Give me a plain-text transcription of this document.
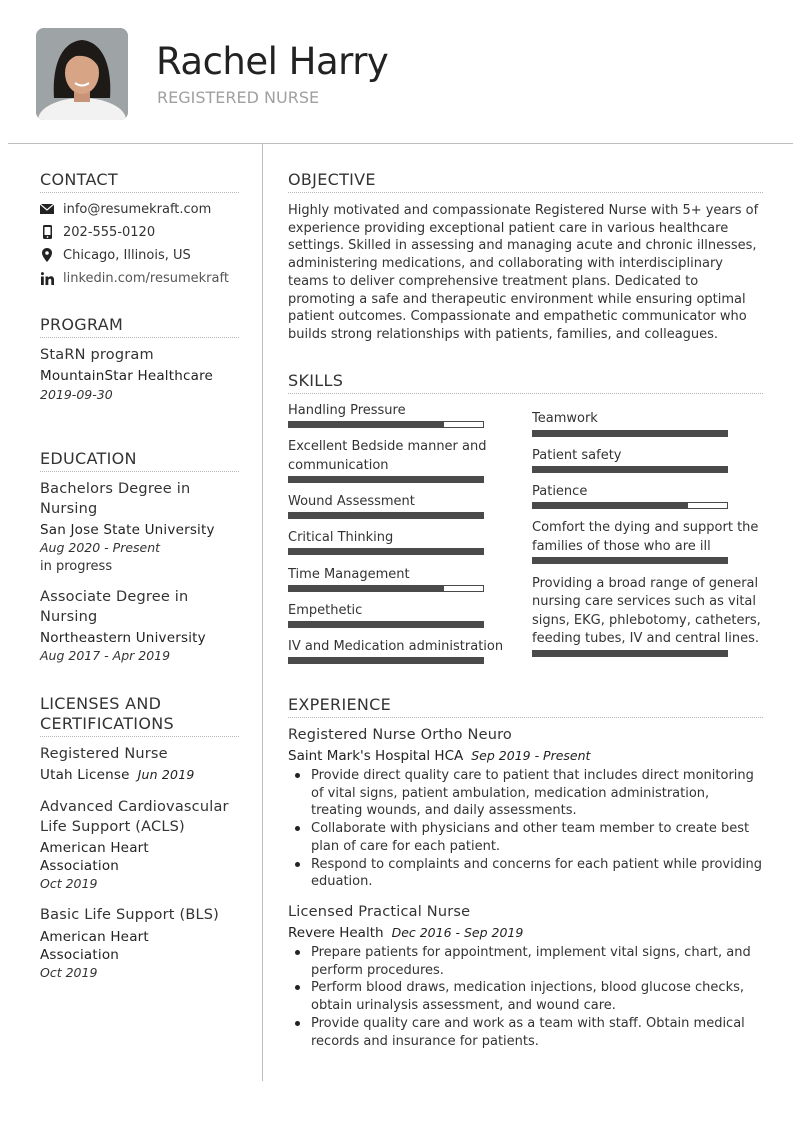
Rachel Harry
REGISTERED NURSE
CONTACT
info@resumekraft.com
202-555-0120
Chicago, Illinois, US
linkedin.com/resumekraft
PROGRAM
StaRN program
MountainStar Healthcare
2019-09-30
EDUCATION
Bachelors Degree in
Nursing
San Jose State University
Aug 2020 - Present
in progress
Associate Degree in
Nursing
Northeastern University
Aug 2017 - Apr 2019
LICENSES AND
CERTIFICATIONS
Registered Nurse
Utah License Jun 2019
Advanced Cardiovascular
Life Support (ACLS)
American Heart
Association
Oct 2019
Basic Life Support (BLS)
American Heart
Association
Oct 2019
OBJECTIVE
Highly motivated and compassionate Registered Nurse with 5+ years of experience providing exceptional patient care in various healthcare settings. Skilled in assessing and managing acute and chronic illnesses, administering medications, and collaborating with interdisciplinary teams to deliver comprehensive treatment plans. Dedicated to promoting a safe and therapeutic environment while ensuring optimal patient outcomes. Compassionate and empathetic communicator who builds strong relationships with patients, families, and colleagues.
SKILLS
Handling Pressure
Excellent Bedside manner and
communication
Wound Assessment
Critical Thinking
Time Management
Empethetic
IV and Medication administration
Teamwork
Patient safety
Patience
Comfort the dying and support the
families of those who are ill
Providing a broad range of general
nursing care services such as vital
signs, EKG, phlebotomy, catheters,
feeding tubes, IV and central lines.
EXPERIENCE
Registered Nurse Ortho Neuro
Saint Mark's Hospital HCA Sep 2019 - Present
Provide direct quality care to patient that includes direct monitoring of vital signs, patient ambulation, medication administration, treating wounds, and daily assessments.
Collaborate with physicians and other team member to create best plan of care for each patient.
Respond to complaints and concerns for each patient while providing eduation.
Licensed Practical Nurse
Revere Health Dec 2016 - Sep 2019
Prepare patients for appointment, implement vital signs, chart, and perform procedures.
Perform blood draws, medication injections, blood glucose checks, obtain urinalysis assessment, and wound care.
Provide quality care and work as a team with staff. Obtain medical records and insurance for patients.
